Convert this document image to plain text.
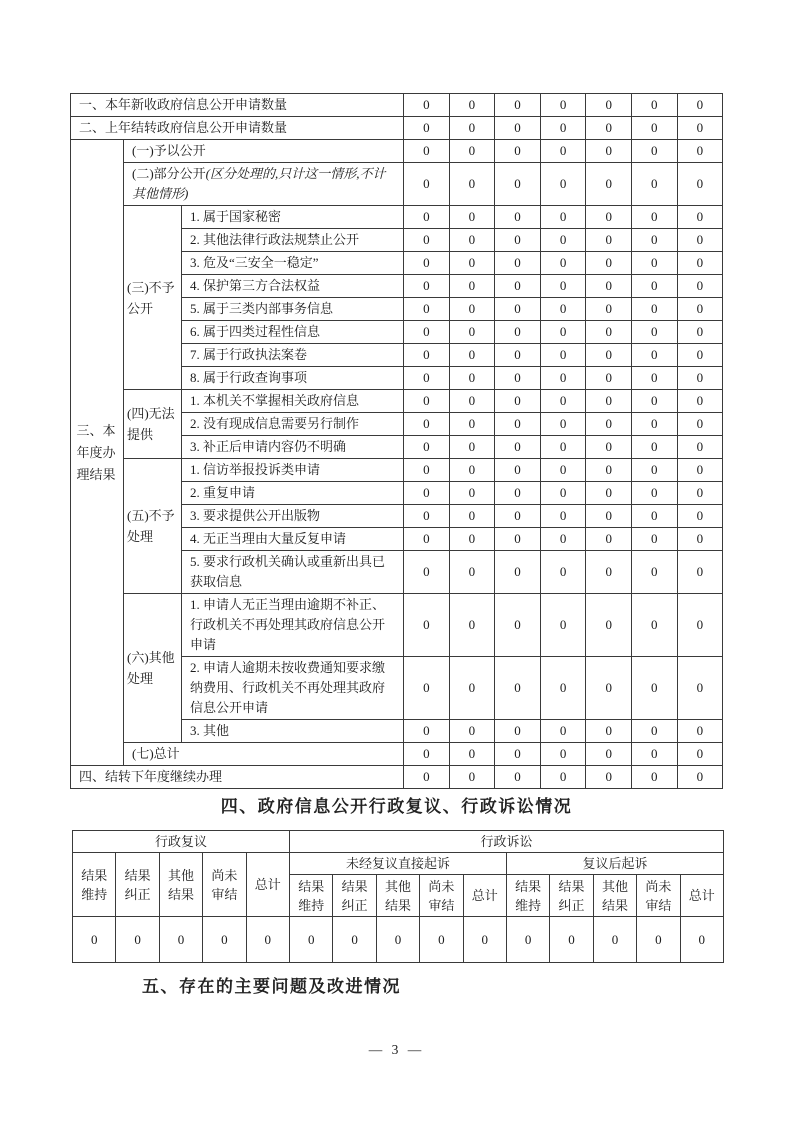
一、本年新收政府信息公开申请数量			0	0	0	0	0	0	0
二、上年结转政府信息公开申请数量			0	0	0	0	0	0	0
三、本年度办理结果	(一)予以公开		0	0	0	0	0	0	0
	(二)部分公开(区分处理的,只计这一情形,不计其他情形)		0	0	0	0	0	0	0
	(三)不予公开	1. 属于国家秘密	0	0	0	0	0	0	0
		2. 其他法律行政法规禁止公开	0	0	0	0	0	0	0
		3. 危及“三安全一稳定”	0	0	0	0	0	0	0
		4. 保护第三方合法权益	0	0	0	0	0	0	0
		5. 属于三类内部事务信息	0	0	0	0	0	0	0
		6. 属于四类过程性信息	0	0	0	0	0	0	0
		7. 属于行政执法案卷	0	0	0	0	0	0	0
		8. 属于行政查询事项	0	0	0	0	0	0	0
	(四)无法提供	1. 本机关不掌握相关政府信息	0	0	0	0	0	0	0
		2. 没有现成信息需要另行制作	0	0	0	0	0	0	0
		3. 补正后申请内容仍不明确	0	0	0	0	0	0	0
	(五)不予处理	1. 信访举报投诉类申请	0	0	0	0	0	0	0
		2. 重复申请	0	0	0	0	0	0	0
		3. 要求提供公开出版物	0	0	0	0	0	0	0
		4. 无正当理由大量反复申请	0	0	0	0	0	0	0
		5. 要求行政机关确认或重新出具已获取信息	0	0	0	0	0	0	0
	(六)其他处理	1. 申请人无正当理由逾期不补正、行政机关不再处理其政府信息公开申请	0	0	0	0	0	0	0
		2. 申请人逾期未按收费通知要求缴纳费用、行政机关不再处理其政府信息公开申请	0	0	0	0	0	0	0
		3. 其他	0	0	0	0	0	0	0
	(七)总计		0	0	0	0	0	0	0
四、结转下年度继续办理			0	0	0	0	0	0	0
四、政府信息公开行政复议、行政诉讼情况
行政复议					行政诉讼									
结果维持	结果纠正	其他结果	尚未审结	总计	未经复议直接起诉					复议后起诉				
					结果维持	结果纠正	其他结果	尚未审结	总计	结果维持	结果纠正	其他结果	尚未审结	总计
0	0	0	0	0	0	0	0	0	0	0	0	0	0	0
五、存在的主要问题及改进情况
— 3 —
